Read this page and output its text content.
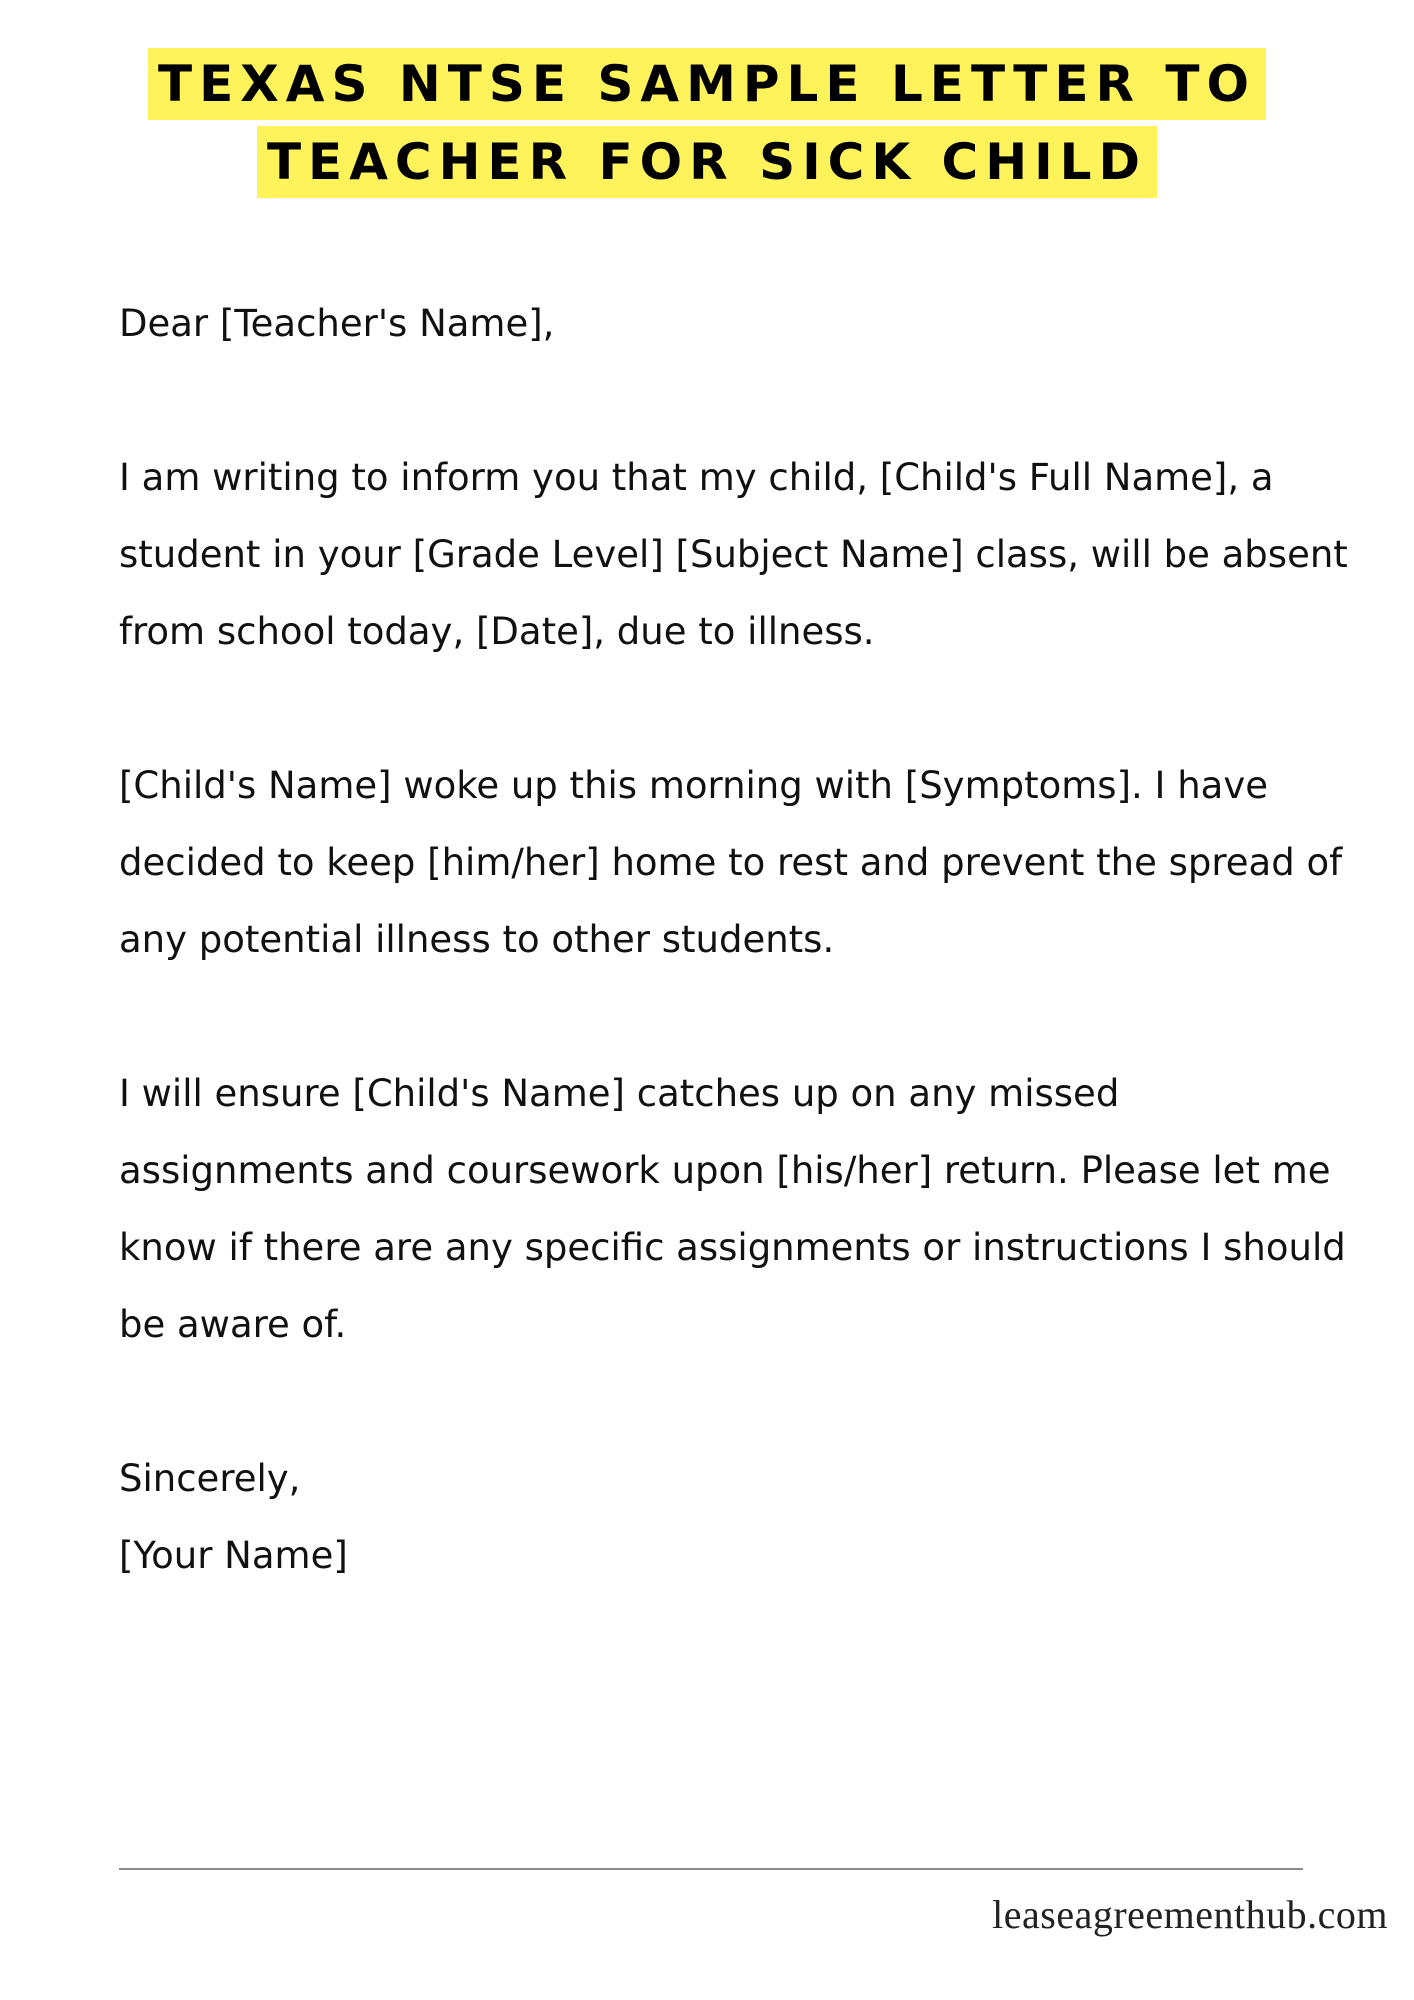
TEXAS NTSE SAMPLE LETTER TO
TEACHER FOR SICK CHILD

Dear [Teacher's Name],

I am writing to inform you that my child, [Child's Full Name], a student in your [Grade Level] [Subject Name] class, will be absent from school today, [Date], due to illness.

[Child's Name] woke up this morning with [Symptoms]. I have decided to keep [him/her] home to rest and prevent the spread of any potential illness to other students.

I will ensure [Child's Name] catches up on any missed assignments and coursework upon [his/her] return. Please let me know if there are any specific assignments or instructions I should be aware of.

Sincerely,

[Your Name]

leaseagreementhub.com
